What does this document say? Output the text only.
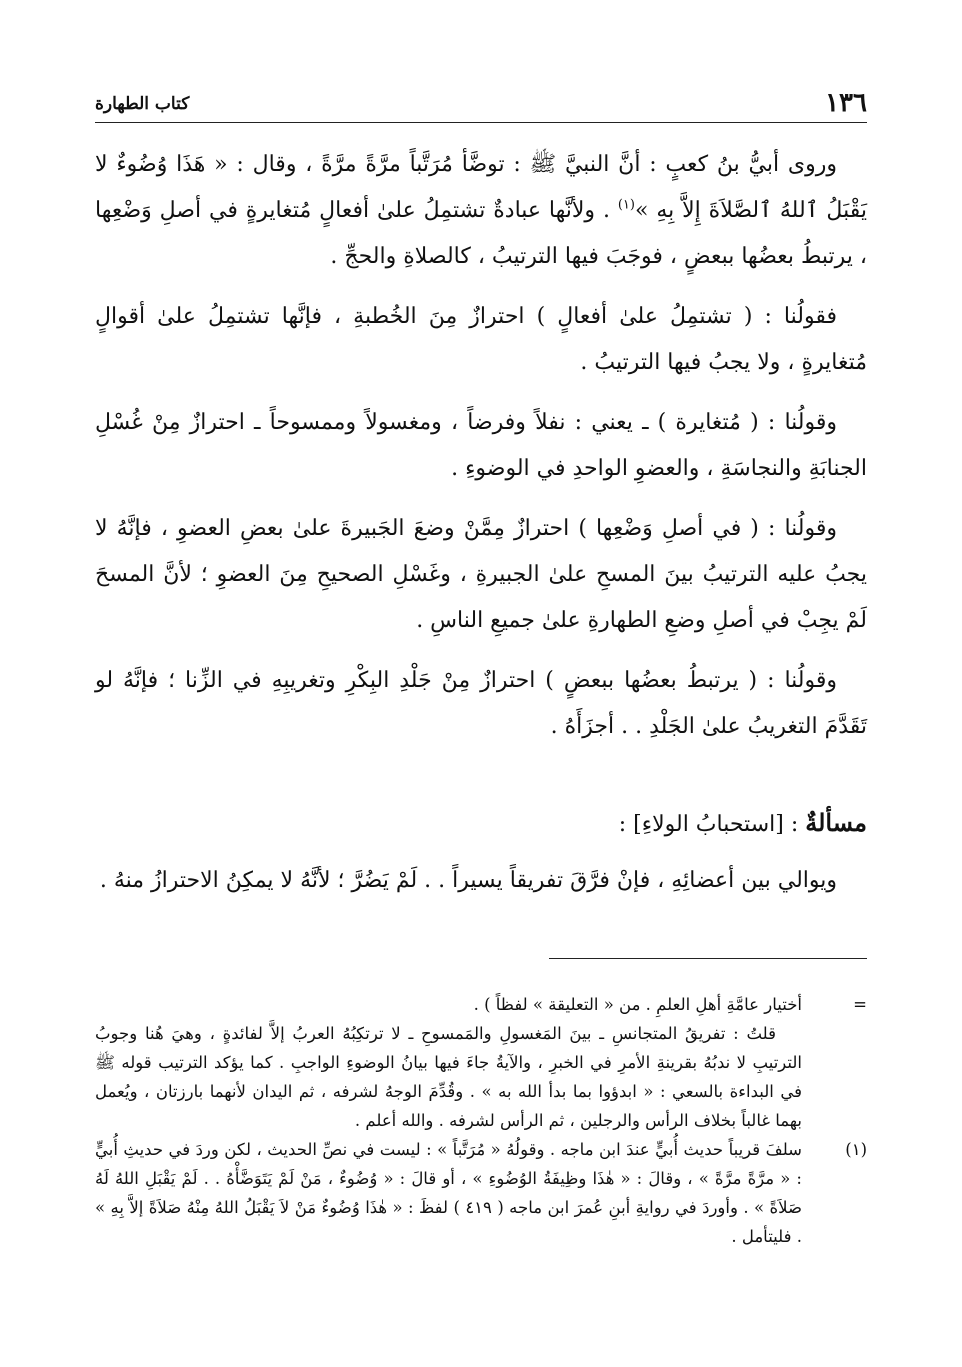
١٣٦
كتاب الطهارة

وروى أبيُّ بنُ كعبٍ : أنَّ النبيَّ ﷺ : توضَّأ مُرَتَّباً مرَّةً مرَّةً ، وقال : « هَذَا وُضُوءٌ لا يَقْبَلُ ٱللهُ ٱلصَّلاَةَ إِلاَّ بِهِ »$^{(١)}$ . ولأنَّها عبادةٌ تشتمِلُ علىٰ أفعالٍ مُتغايرةٍ في أصلِ وَضْعِها ، يرتبطُ بعضُها ببعضٍ ، فوجَبَ فيها الترتيبُ ، كالصلاةِ والحجِّ .

فقولُنا : ( تشتمِلُ علىٰ أفعالٍ ) احترازٌ مِنَ الخُطبةِ ، فإنَّها تشتمِلُ علىٰ أقوالٍ مُتغايرةٍ ، ولا يجبُ فيها الترتيبُ .

وقولُنا : ( مُتغايرة ) ـ يعني : نفلاً وفرضاً ، ومغسولاً وممسوحاً ـ احترازٌ مِنْ غُسْلِ الجنابَةِ والنجاسَةِ ، والعضوِ الواحدِ في الوضوءِ .

وقولُنا : ( في أصلِ وَضْعِها ) احترازٌ مِمَّنْ وضعَ الجَبيرةَ علىٰ بعضِ العضوِ ، فإنَّهُ لا يجبُ عليه الترتيبُ بينَ المسحِ علىٰ الجبيرةِ ، وغَسْلِ الصحيحِ مِنَ العضوِ ؛ لأنَّ المسحَ لَمْ يجِبْ في أصلِ وضعِ الطهارةِ علىٰ جميعِ الناسِ .

وقولُنا : ( يرتبطُ بعضُها ببعضٍ ) احترازٌ مِنْ جَلْدِ البِكْرِ وتغريبِهِ في الزِّنا ؛ فإنَّهُ لو تَقَدَّمَ التغريبُ علىٰ الجَلْدِ . . أجزَأَهُ .

مسألةٌ : [استحبابُ الولاءِ] :

ويوالي بين أعضائِهِ ، فإنْ فرَّقَ تفريقاً يسيراً . . لَمْ يَضُرَّ ؛ لأنَّهُ لا يمكِنُ الاحترازُ منهُ .

=

أختيار عامَّةِ أهلِ العلمِ . من « التعليقة » لفظاً ) .

قلتُ : تفريقُ المتجانسِ ـ بينَ المَغسولِ والمَمسوحِ ـ لا ترتكِبُهُ العربُ إلاَّ لفائدةٍ ، وهيَ هُنا وجوبُ الترتيبِ لا ندبُهُ بقرينةِ الأمرِ في الخبرِ ، والآيةُ جاءَ فيها بيانُ الوضوءِ الواجبِ . كما يؤكد الترتيب قوله ﷺ في البداءة بالسعي : « ابدؤوا بما بدأ الله به » . وقُدِّمَ الوجهُ لشرفه ، ثم اليدان لأنهما بارزتان ، ويُعمل بهما غالباً بخلاف الرأس والرجلين ، ثم الرأس لشرفه . والله أعلم .

(١)

سلفَ قريباً حديث أُبيٍّ عندَ ابن ماجه . وقولُهُ « مُرَتَّباً » : ليست في نصِّ الحديث ، لكن وردَ في حديثِ أُبيٍّ : « مرَّةً مرَّةً » ، وقالَ : « هٰذَا وظِيفَةُ الوُضُوءِ » ، أو قالَ : « وُضُوءٌ ، مَنْ لَمْ يَتَوَضَّأْهُ . . لَمْ يَقْبَلِ اللهُ لَهُ صَلاَةً » . وأوردَ في روايةِ أبنِ عُمرَ ابن ماجه ( ٤١٩ ) لفظَ : « هٰذَا وُضُوءٌ مَنْ لاَ يَقْبَلُ اللهُ مِنْهُ صَلاَةً إلاَّ بِهِ » . فليتأمل .
